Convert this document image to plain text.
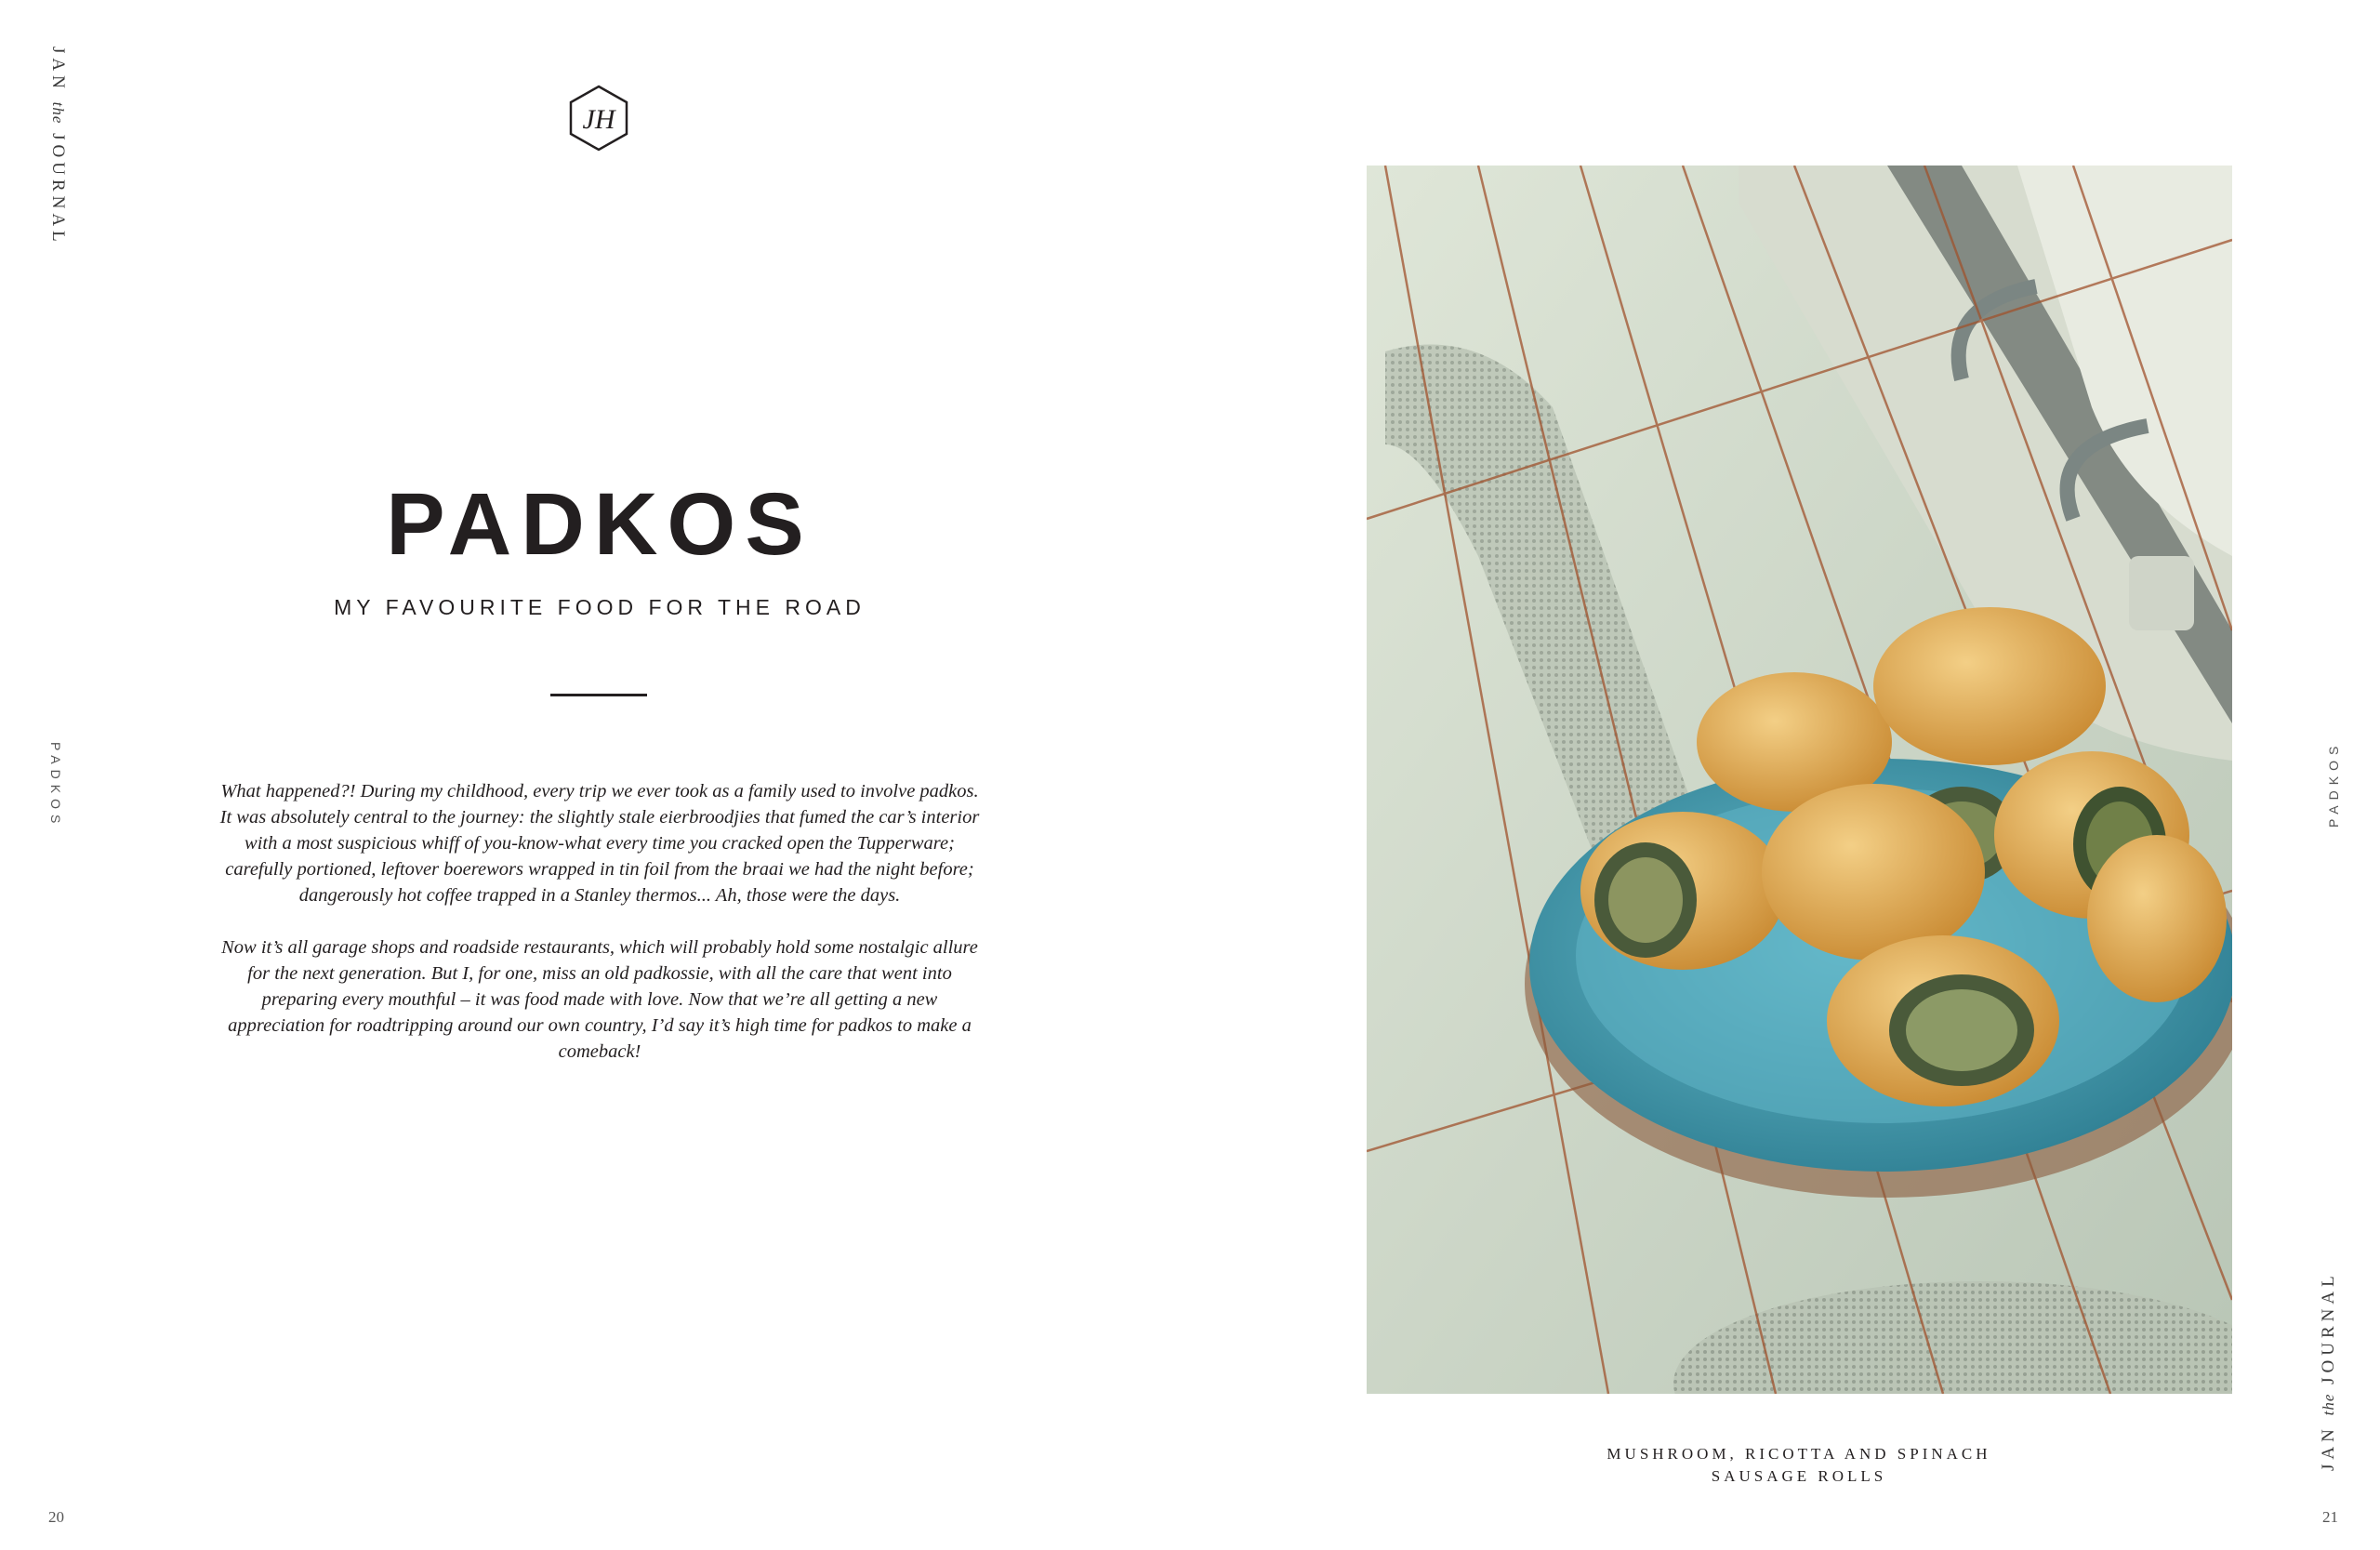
JAN the JOURNAL
PADKOS
JH
PADKOS
MY FAVOURITE FOOD FOR THE ROAD

What happened?! During my childhood, every trip we ever took as a family used to involve padkos. It was absolutely central to the journey: the slightly stale eierbroodjies that fumed the car’s interior with a most suspicious whiff of you-know-what every time you cracked open the Tupperware; carefully portioned, leftover boerewors wrapped in tin foil from the braai we had the night before; dangerously hot coffee trapped in a Stanley thermos... Ah, those were the days.

Now it’s all garage shops and roadside restaurants, which will probably hold some nostalgic allure for the next generation. But I, for one, miss an old padkossie, with all the care that went into preparing every mouthful – it was food made with love. Now that we’re all getting a new appreciation for roadtripping around our own country, I’d say it’s high time for padkos to make a comeback!

MUSHROOM, RICOTTA AND SPINACH
SAUSAGE ROLLS
PADKOS
JAN the JOURNAL
20	21
